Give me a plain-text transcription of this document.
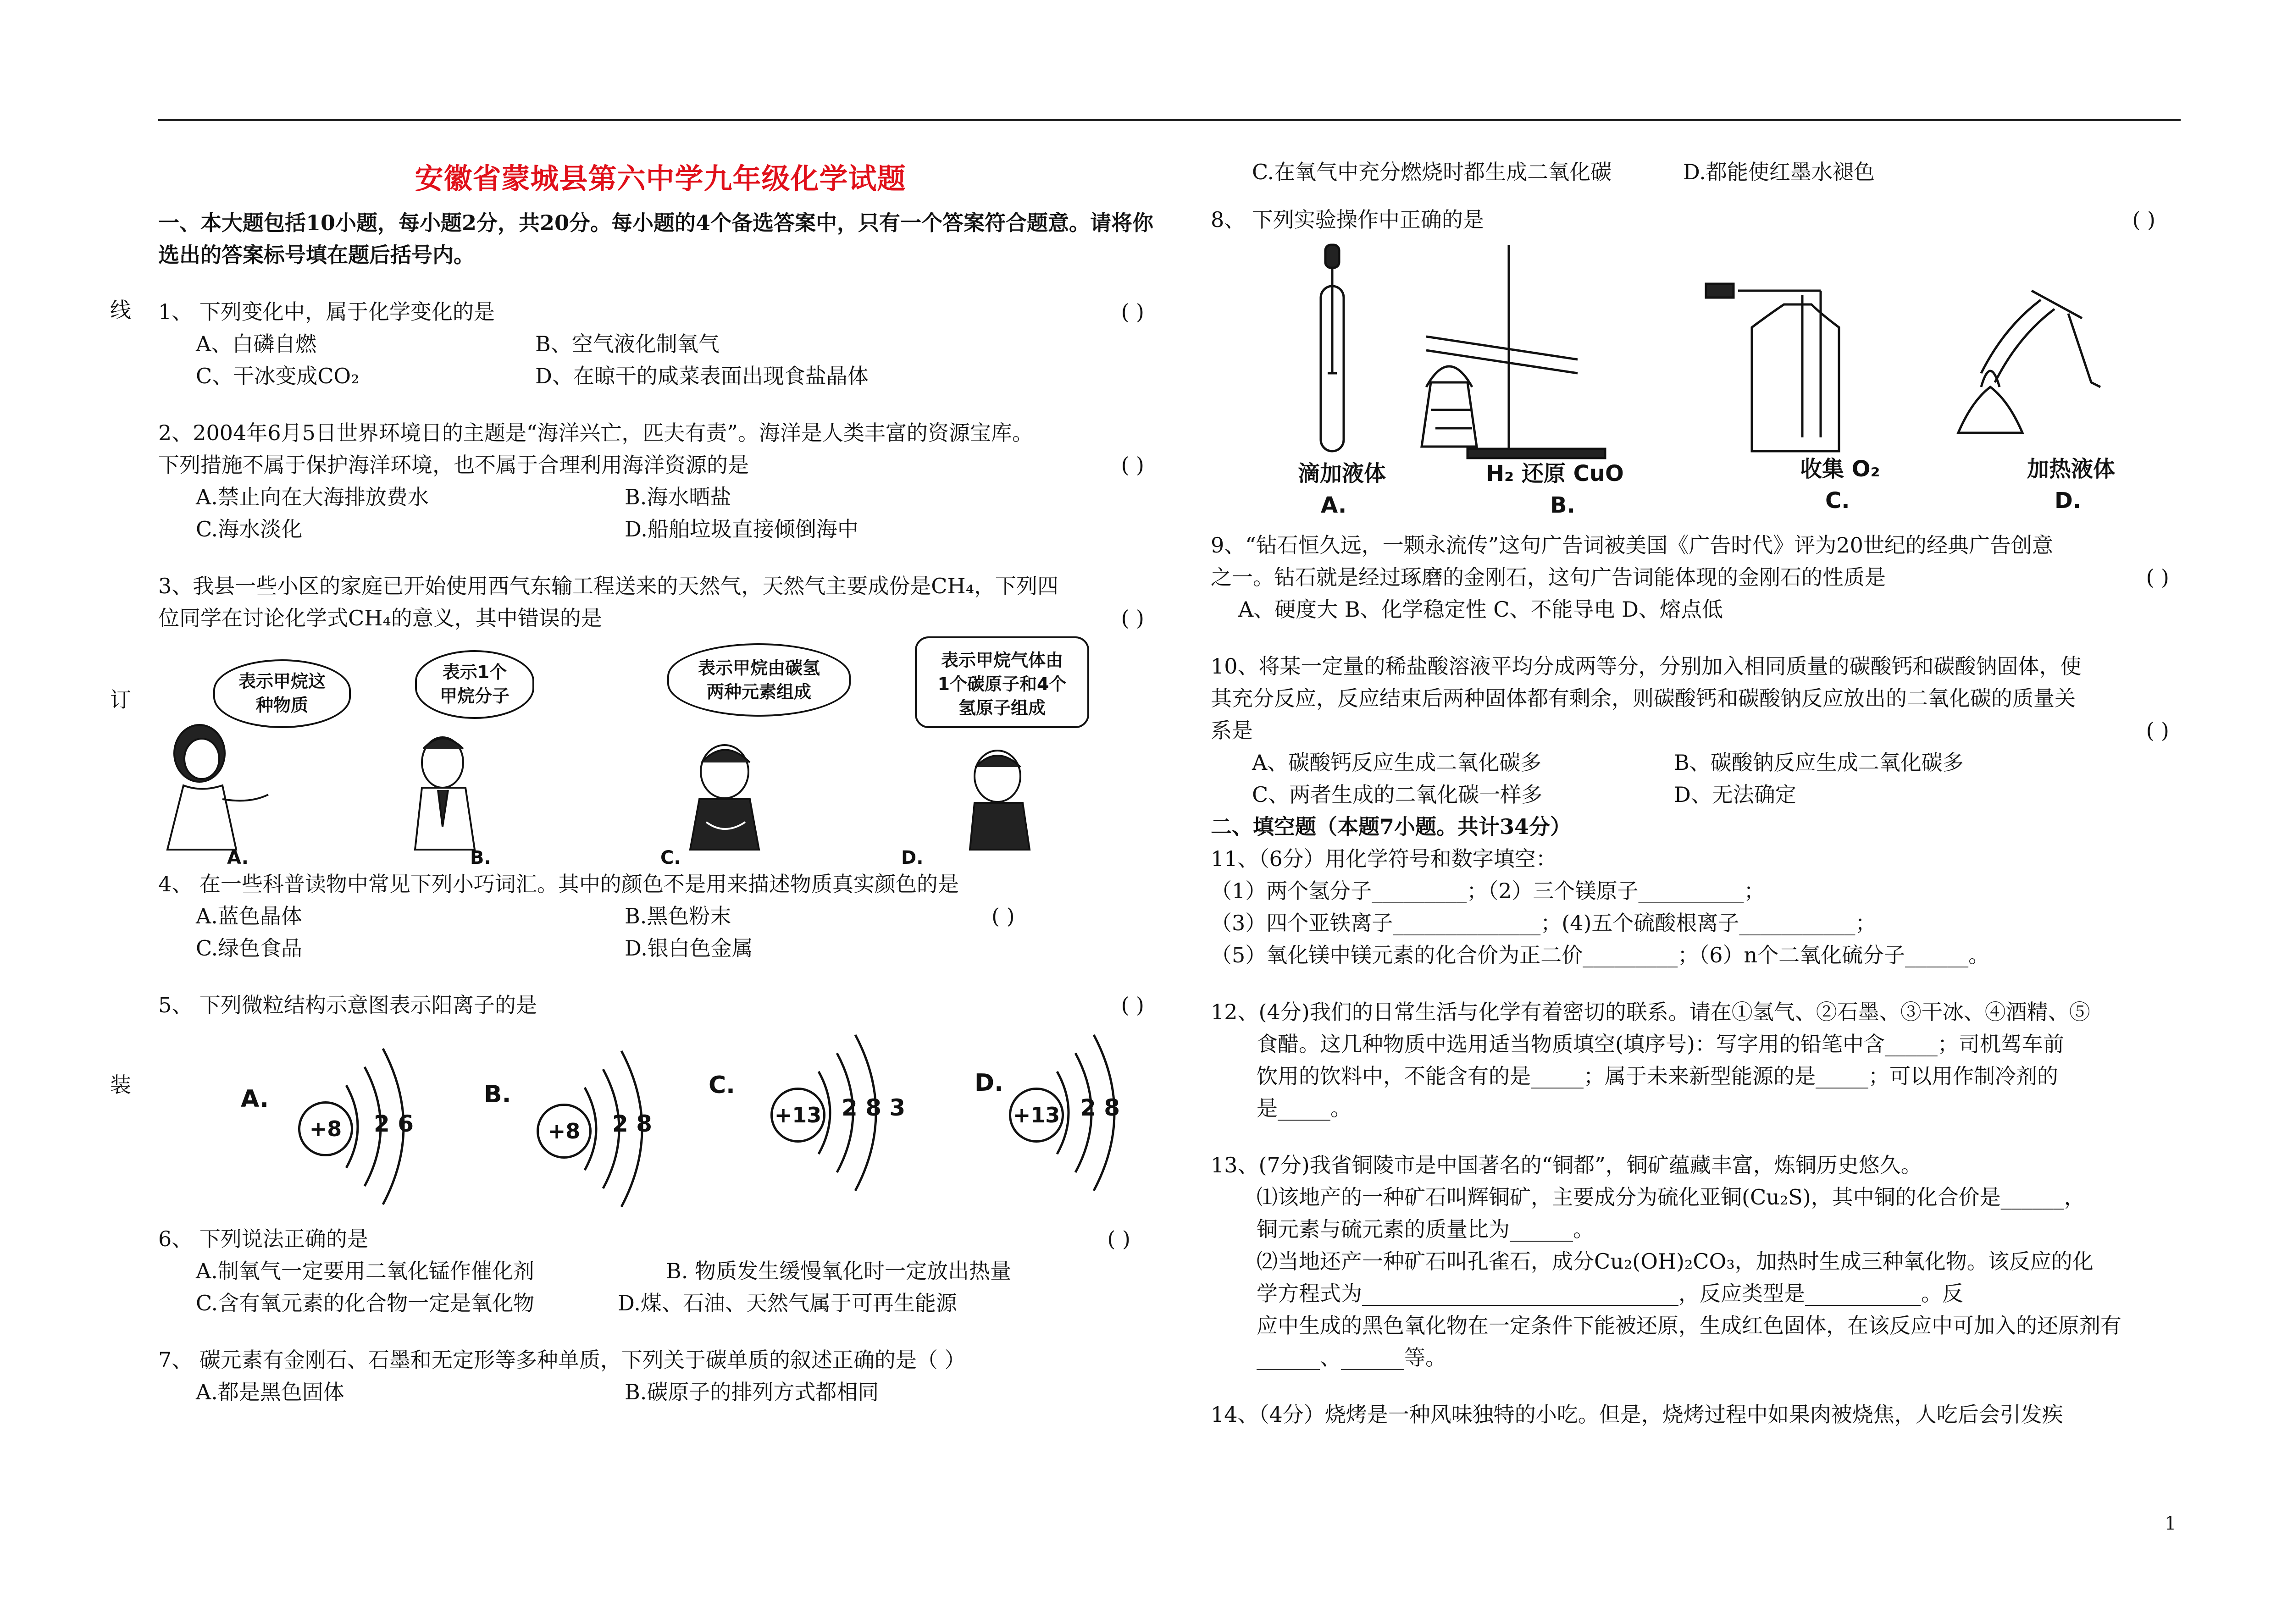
线
订
装
安徽省蒙城县第六中学九年级化学试题

一、本大题包括10小题，每小题2分，共20分。每小题的4个备选答案中，只有一个答案符合题意。请将你选出的答案标号填在题后括号内。

1、 下列变化中，属于化学变化的是	( )

A、白磷自燃	B、空气液化制氧气
C、干冰变成CO₂	D、在晾干的咸菜表面出现食盐晶体

2、2004年6月5日世界环境日的主题是“海洋兴亡，匹夫有责”。海洋是人类丰富的资源宝库。

下列措施不属于保护海洋环境，也不属于合理利用海洋资源的是	( )

A.禁止向在大海排放费水	B.海水晒盐
C.海水淡化	D.船舶垃圾直接倾倒海中

3、我县一些小区的家庭已开始使用西气东输工程送来的天然气，天然气主要成份是CH₄，下列四

位同学在讨论化学式CH₄的意义，其中错误的是	( )

表示甲烷这
种物质
表示1个
甲烷分子
表示甲烷由碳氢
两种元素组成
表示甲烷气体由
1个碳原子和4个
氢原子组成
A.	B.	C.	D.

4、 在一些科普读物中常见下列小巧词汇。其中的颜色不是用来描述物质真实颜色的是

A.蓝色晶体	B.黑色粉末	( )
C.绿色食品	D.银白色金属

5、 下列微粒结构示意图表示阳离子的是	( )

A.
+8	2 6
B.
+8	2 8
C.
+13 2 8 3
D.
+13 2 8

6、 下列说法正确的是	( )

A.制氧气一定要用二氧化锰作催化剂	B. 物质发生缓慢氧化时一定放出热量
C.含有氧元素的化合物一定是氧化物	D.煤、石油、天然气属于可再生能源

7、 碳元素有金刚石、石墨和无定形等多种单质，下列关于碳单质的叙述正确的是（ ）

A.都是黑色固体	B.碳原子的排列方式都相同
C.在氧气中充分燃烧时都生成二氧化碳	D.都能使红墨水褪色

8、 下列实验操作中正确的是	( )

滴加液体
A.
H₂ 还原 CuO
B.
收集 O₂
C.
加热液体
D.

9、“钻石恒久远，一颗永流传”这句广告词被美国《广告时代》评为20世纪的经典广告创意

之一。钻石就是经过琢磨的金刚石，这句广告词能体现的金刚石的性质是	( )

A、硬度大 B、化学稳定性 C、不能导电 D、熔点低

10、将某一定量的稀盐酸溶液平均分成两等分，分别加入相同质量的碳酸钙和碳酸钠固体，使

其充分反应，反应结束后两种固体都有剩余，则碳酸钙和碳酸钠反应放出的二氧化碳的质量关

系是	( )

A、碳酸钙反应生成二氧化碳多	B、碳酸钠反应生成二氧化碳多
C、两者生成的二氧化碳一样多	D、无法确定

二、填空题（本题7小题。共计34分）

11、（6分）用化学符号和数字填空：

（1）两个氢分子_________；（2）三个镁原子__________；

（3）四个亚铁离子______________；(4)五个硫酸根离子___________；

（5）氧化镁中镁元素的化合价为正二价_________；（6）n个二氧化硫分子______。

12、(4分)我们的日常生活与化学有着密切的联系。请在①氢气、②石墨、③干冰、④酒精、⑤

食醋。这几种物质中选用适当物质填空(填序号)：写字用的铅笔中含_____；司机驾车前

饮用的饮料中，不能含有的是_____；属于未来新型能源的是_____；可以用作制冷剂的

是_____。

13、(7分)我省铜陵市是中国著名的“铜都”，铜矿蕴藏丰富，炼铜历史悠久。

⑴该地产的一种矿石叫辉铜矿，主要成分为硫化亚铜(Cu₂S)，其中铜的化合价是______，

铜元素与硫元素的质量比为______。

⑵当地还产一种矿石叫孔雀石，成分Cu₂(OH)₂CO₃，加热时生成三种氧化物。该反应的化

学方程式为______________________________，反应类型是___________。反

应中生成的黑色氧化物在一定条件下能被还原，生成红色固体，在该反应中可加入的还原剂有

______、______等。

14、（4分）烧烤是一种风味独特的小吃。但是，烧烤过程中如果肉被烧焦，人吃后会引发疾

1
